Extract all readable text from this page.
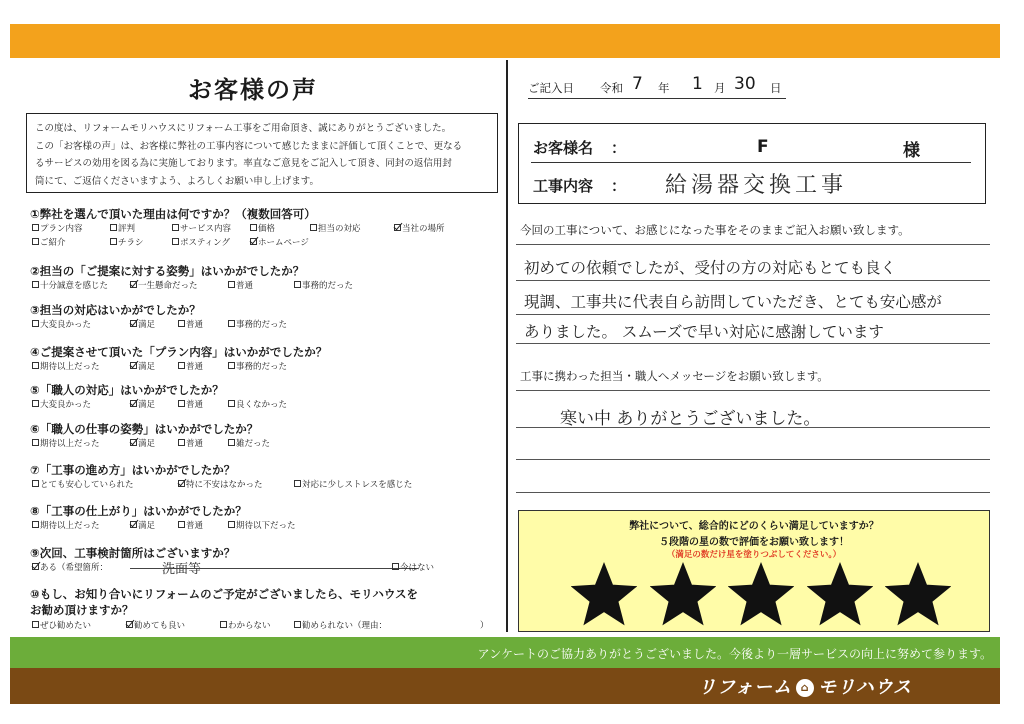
お客様の声
この度は、リフォームモリハウスにリフォーム工事をご用命頂き、誠にありがとうございました。
この「お客様の声」は、お客様に弊社の工事内容について感じたままに評価して頂くことで、更なる
るサービスの効用を図る為に実施しております。率直なご意見をご記入して頂き、同封の返信用封
筒にて、ご返信くださいますよう、よろしくお願い申し上げます。
①弊社を選んで頂いた理由は何ですか？（複数回答可）
プラン内容	評判	サービス内容	価格	担当の対応	当社の場所
ご紹介	チラシ	ポスティング	ホームページ
②担当の「ご提案に対する姿勢」はいかがでしたか？
十分誠意を感じた	一生懸命だった	普通	事務的だった
③担当の対応はいかがでしたか？
大変良かった	満足	普通	事務的だった
④ご提案させて頂いた「プラン内容」はいかがでしたか？
期待以上だった	満足	普通	事務的だった
⑤「職人の対応」はいかがでしたか？
大変良かった	満足	普通	良くなかった
⑥「職人の仕事の姿勢」はいかがでしたか？
期待以上だった	満足	普通	雑だった
⑦「工事の進め方」はいかがでしたか？
とても安心していられた	特に不安はなかった	対応に少しストレスを感じた
⑧「工事の仕上がり」はいかがでしたか？
期待以上だった	満足	普通	期待以下だった
⑨次回、工事検討箇所はございますか？
ある（希望箇所：	洗面等	今はない
⑩もし、お知り合いにリフォームのご予定がございましたら、モリハウスを
お勧め頂けますか？
ぜひ勧めたい	勧めても良い	わからない	勧められない（理由：	）
ご記入日 令和 7 年 1 月 30 日
お客様名 ：	F	様
工事内容 ： 給湯器交換工事
今回の工事について、お感じになった事をそのままご記入お願い致します。
初めての依頼でしたが、受付の方の対応もとても良く
現調、工事共に代表自ら訪問していただき、とても安心感が
ありました。 スムーズで早い対応に感謝しています
工事に携わった担当・職人へメッセージをお願い致します。
寒い中 ありがとうございました。
弊社について、総合的にどのくらい満足していますか？
５段階の星の数で評価をお願い致します！
（満足の数だけ星を塗りつぶしてください。）
アンケートのご協力ありがとうございました。今後より一層サービスの向上に努めて参ります。
リフォーム ⌂ モリハウス
